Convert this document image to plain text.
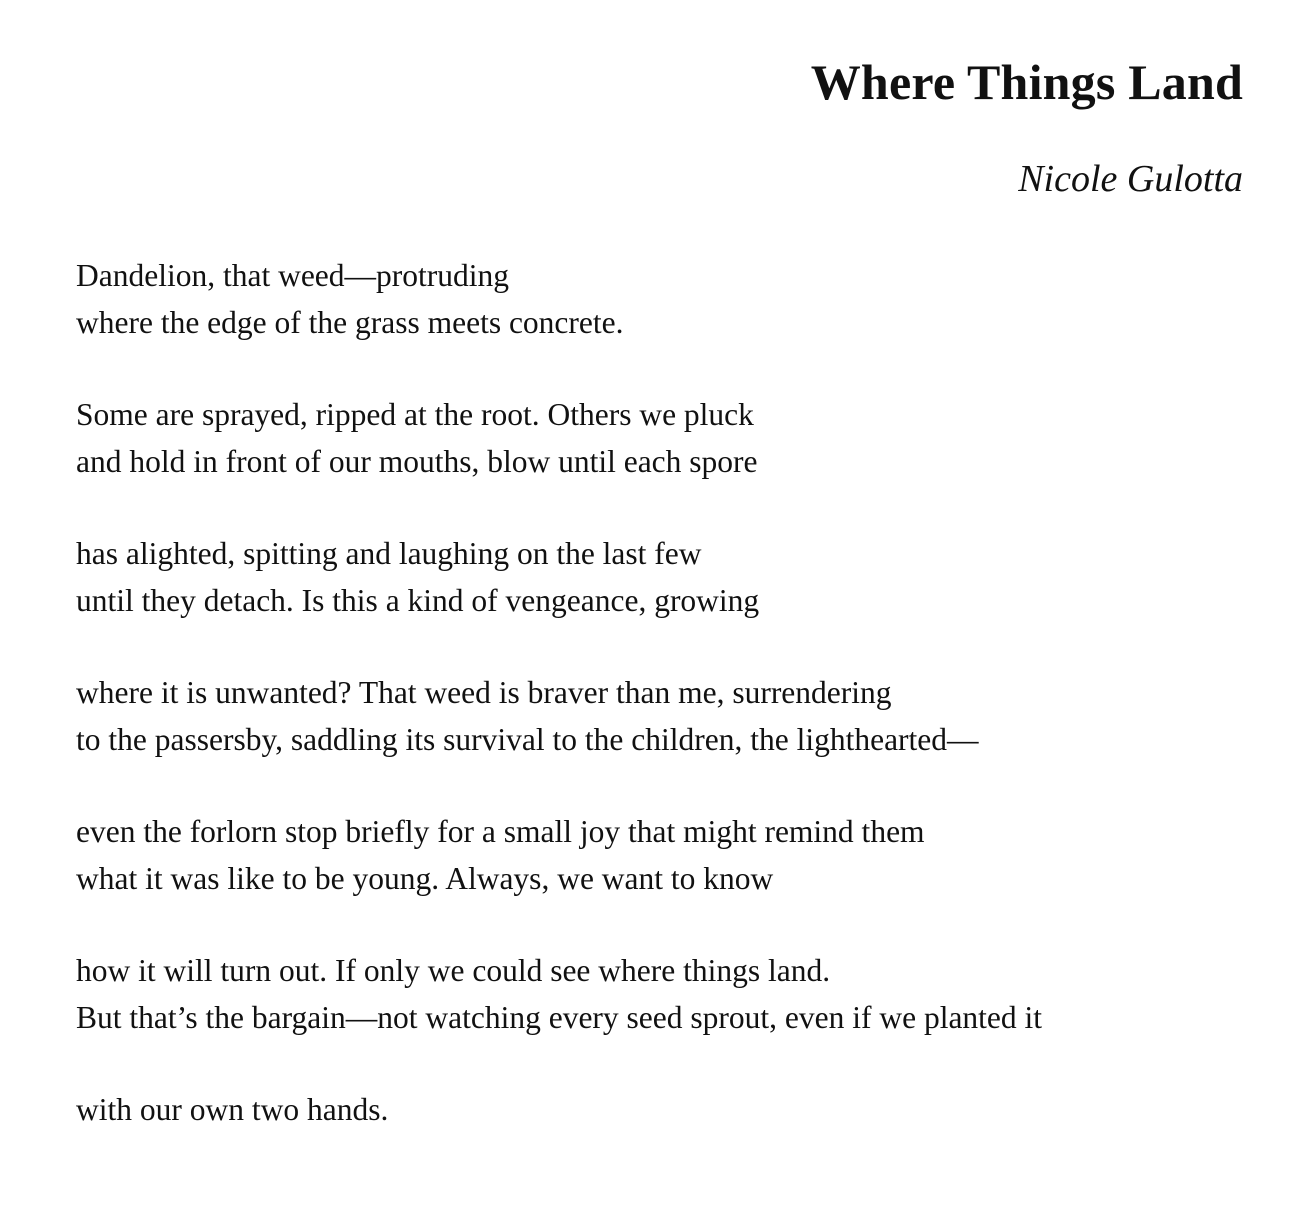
Where Things Land

Nicole Gulotta

Dandelion, that weed—protruding
where the edge of the grass meets concrete.

Some are sprayed, ripped at the root. Others we pluck
and hold in front of our mouths, blow until each spore

has alighted, spitting and laughing on the last few
until they detach. Is this a kind of vengeance, growing

where it is unwanted? That weed is braver than me, surrendering
to the passersby, saddling its survival to the children, the lighthearted—

even the forlorn stop briefly for a small joy that might remind them
what it was like to be young. Always, we want to know

how it will turn out. If only we could see where things land.
But that’s the bargain—not watching every seed sprout, even if we planted it

with our own two hands.
